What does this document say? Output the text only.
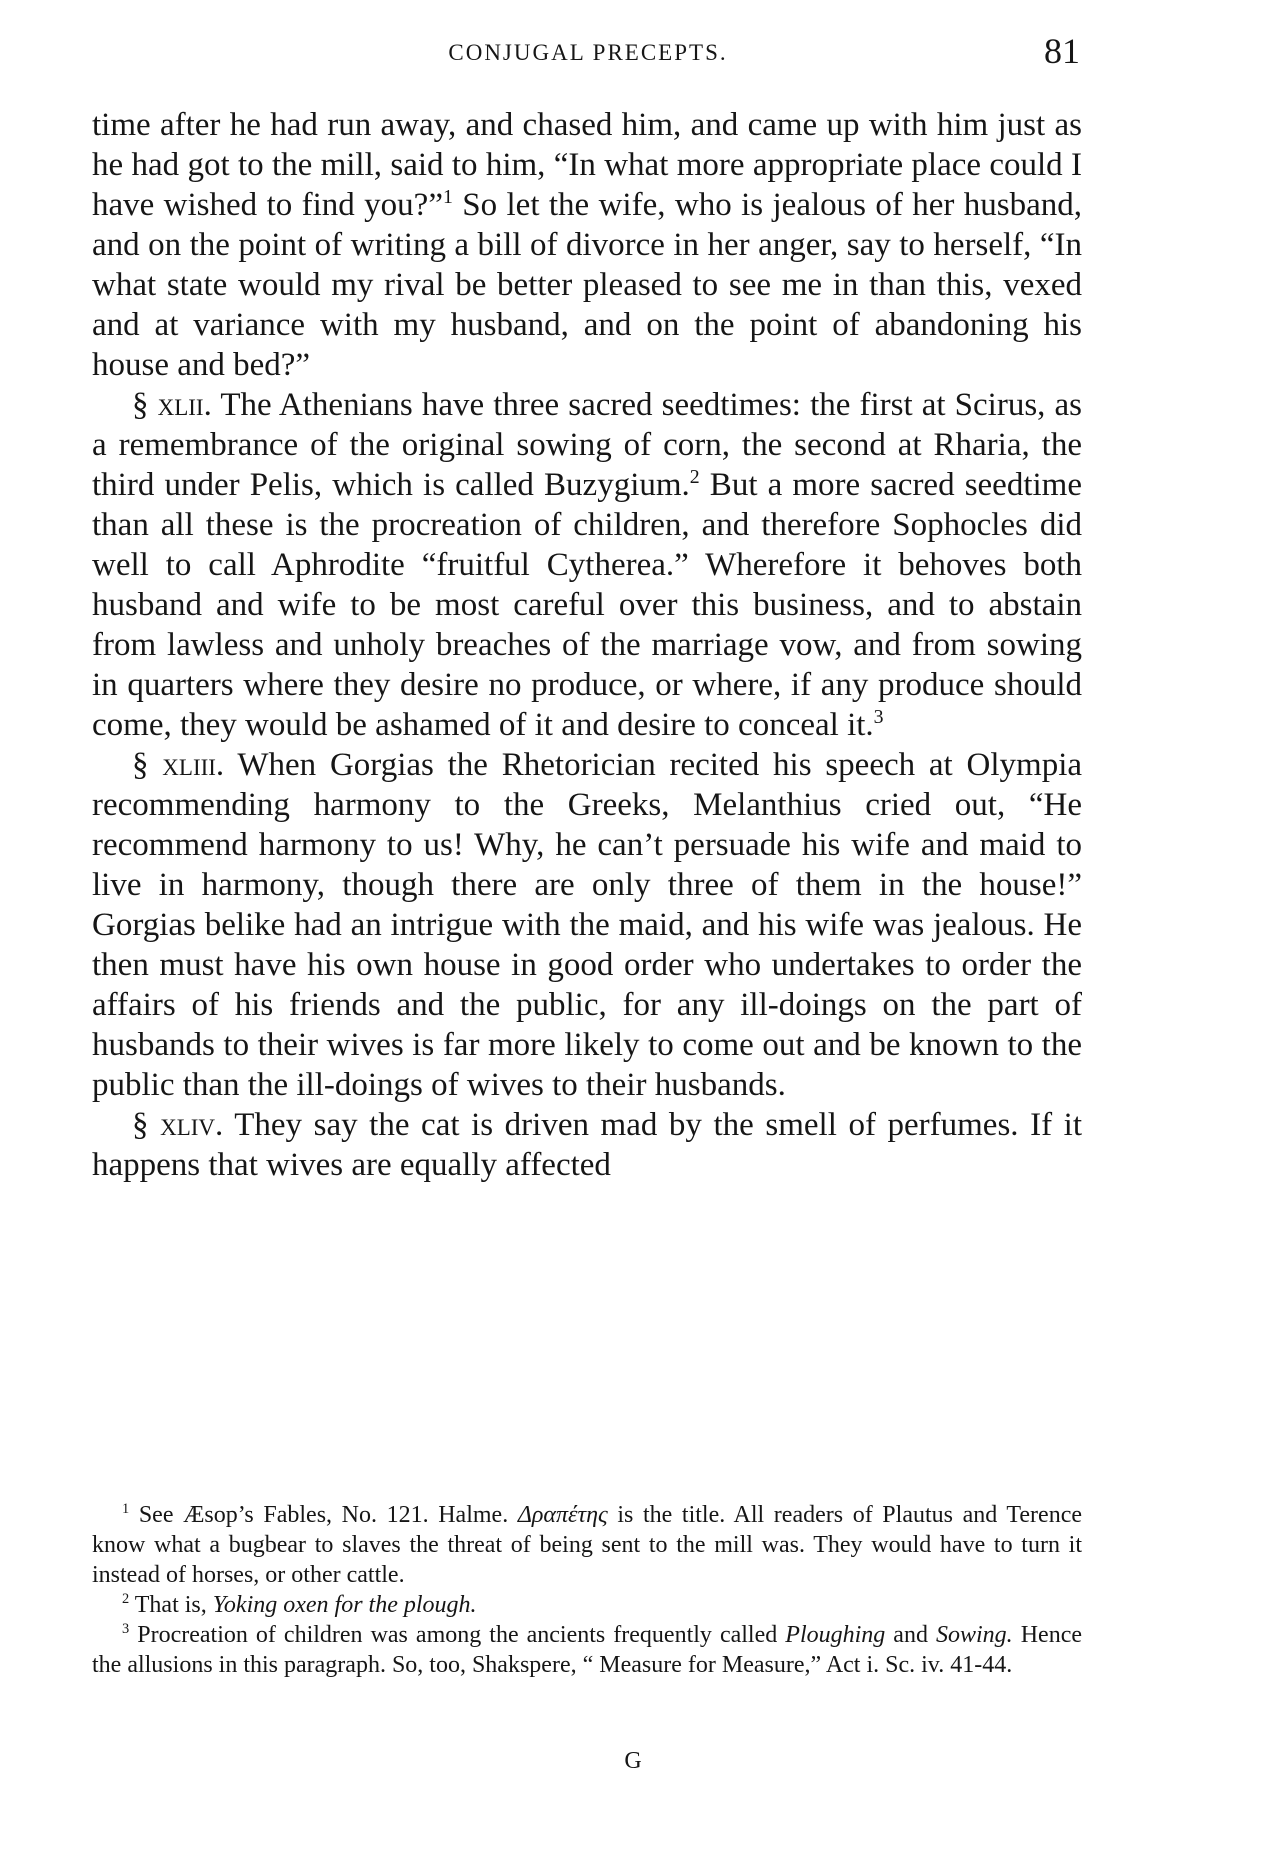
CONJUGAL PRECEPTS.	81

time after he had run away, and chased him, and came up with him just as he had got to the mill, said to him, “In what more appropriate place could I have wished to find you?”$^1$ So let the wife, who is jealous of her husband, and on the point of writing a bill of divorce in her anger, say to herself, “In what state would my rival be better pleased to see me in than this, vexed and at variance with my husband, and on the point of abandoning his house and bed?”

§ xlii. The Athenians have three sacred seedtimes: the first at Scirus, as a remembrance of the original sowing of corn, the second at Rharia, the third under Pelis, which is called Buzygium.$^2$ But a more sacred seedtime than all these is the procreation of children, and therefore Sophocles did well to call Aphrodite “fruitful Cytherea.” Wherefore it behoves both husband and wife to be most careful over this business, and to abstain from lawless and unholy breaches of the marriage vow, and from sowing in quarters where they desire no produce, or where, if any produce should come, they would be ashamed of it and desire to conceal it.$^3$

§ xliii. When Gorgias the Rhetorician recited his speech at Olympia recommending harmony to the Greeks, Melanthius cried out, “He recommend harmony to us! Why, he can’t persuade his wife and maid to live in harmony, though there are only three of them in the house!” Gorgias belike had an intrigue with the maid, and his wife was jealous. He then must have his own house in good order who undertakes to order the affairs of his friends and the public, for any ill-doings on the part of husbands to their wives is far more likely to come out and be known to the public than the ill-doings of wives to their husbands.

§ xliv. They say the cat is driven mad by the smell of perfumes. If it happens that wives are equally affected

$^1$ See Æsop’s Fables, No. 121. Halme. Δραπέτης is the title. All readers of Plautus and Terence know what a bugbear to slaves the threat of being sent to the mill was. They would have to turn it instead of horses, or other cattle.

$^2$ That is, Yoking oxen for the plough.

$^3$ Procreation of children was among the ancients frequently called Ploughing and Sowing. Hence the allusions in this paragraph. So, too, Shakspere, “ Measure for Measure,” Act i. Sc. iv. 41-44.

G
